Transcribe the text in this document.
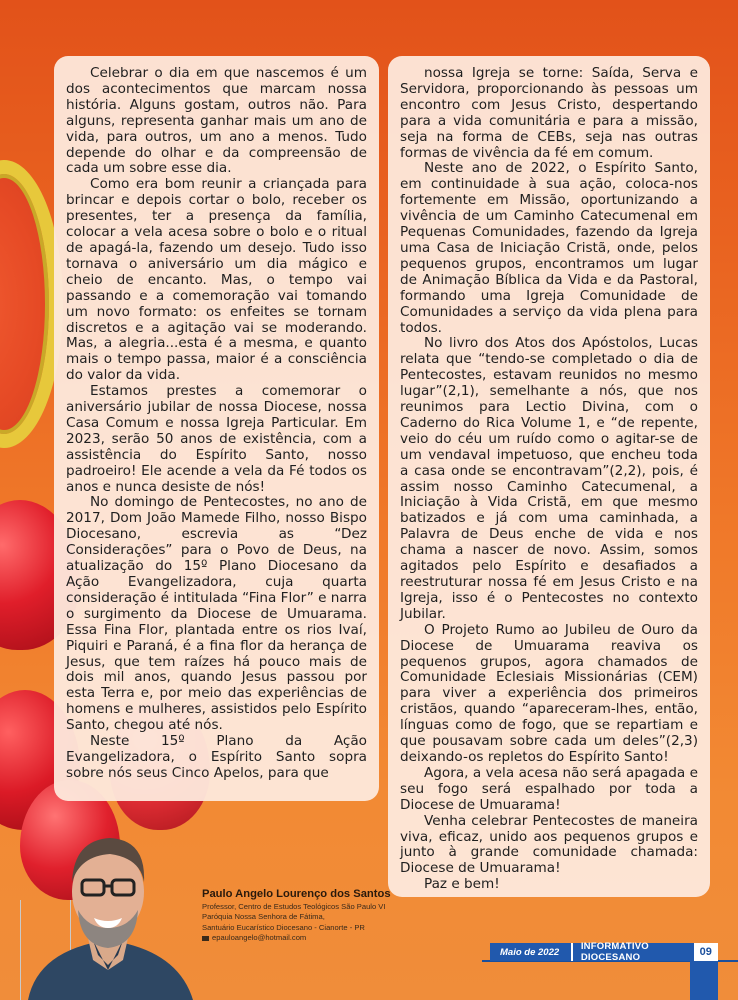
Celebrar o dia em que nascemos é um dos acontecimentos que marcam nossa história. Alguns gostam, outros não. Para alguns, representa ganhar mais um ano de vida, para outros, um ano a menos. Tudo depende do olhar e da compreensão de cada um sobre esse dia.

Como era bom reunir a criançada para brincar e depois cortar o bolo, receber os presentes, ter a presença da família, colocar a vela acesa sobre o bolo e o ritual de apagá-la, fazendo um desejo. Tudo isso tornava o aniversário um dia mágico e cheio de encanto. Mas, o tempo vai passando e a comemoração vai tomando um novo formato: os enfeites se tornam discretos e a agitação vai se moderando. Mas, a alegria...esta é a mesma, e quanto mais o tempo passa, maior é a consciência do valor da vida.

Estamos prestes a comemorar o aniversário jubilar de nossa Diocese, nossa Casa Comum e nossa Igreja Particular. Em 2023, serão 50 anos de existência, com a assistência do Espírito Santo, nosso padroeiro! Ele acende a vela da Fé todos os anos e nunca desiste de nós!

No domingo de Pentecostes, no ano de 2017, Dom João Mamede Filho, nosso Bispo Diocesano, escrevia as “Dez Considerações” para o Povo de Deus, na atualização do 15º Plano Diocesano da Ação Evangelizadora, cuja quarta consideração é intitulada “Fina Flor” e narra o surgimento da Diocese de Umuarama. Essa Fina Flor, plantada entre os rios Ivaí, Piquiri e Paraná, é a fina flor da herança de Jesus, que tem raízes há pouco mais de dois mil anos, quando Jesus passou por esta Terra e, por meio das experiências de homens e mulheres, assistidos pelo Espírito Santo, chegou até nós.

Neste 15º Plano da Ação Evangelizadora, o Espírito Santo sopra sobre nós seus Cinco Apelos, para que

nossa Igreja se torne: Saída, Serva e Servidora, proporcionando às pessoas um encontro com Jesus Cristo, despertando para a vida comunitária e para a missão, seja na forma de CEBs, seja nas outras formas de vivência da fé em comum.

Neste ano de 2022, o Espírito Santo, em continuidade à sua ação, coloca-nos fortemente em Missão, oportunizando a vivência de um Caminho Catecumenal em Pequenas Comunidades, fazendo da Igreja uma Casa de Iniciação Cristã, onde, pelos pequenos grupos, encontramos um lugar de Animação Bíblica da Vida e da Pastoral, formando uma Igreja Comunidade de Comunidades a serviço da vida plena para todos.

No livro dos Atos dos Apóstolos, Lucas relata que “tendo-se completado o dia de Pentecostes, estavam reunidos no mesmo lugar”(2,1), semelhante a nós, que nos reunimos para Lectio Divina, com o Caderno do Rica Volume 1, e “de repente, veio do céu um ruído como o agitar-se de um vendaval impetuoso, que encheu toda a casa onde se encontravam”(2,2), pois, é assim nosso Caminho Catecumenal, a Iniciação à Vida Cristã, em que mesmo batizados e já com uma caminhada, a Palavra de Deus enche de vida e nos chama a nascer de novo. Assim, somos agitados pelo Espírito e desafiados a reestruturar nossa fé em Jesus Cristo e na Igreja, isso é o Pentecostes no contexto Jubilar.

O Projeto Rumo ao Jubileu de Ouro da Diocese de Umuarama reaviva os pequenos grupos, agora chamados de Comunidade Eclesiais Missionárias (CEM) para viver a experiência dos primeiros cristãos, quando “apareceram-lhes, então, línguas como de fogo, que se repartiam e que pousavam sobre cada um deles”(2,3) deixando-os repletos do Espírito Santo!

Agora, a vela acesa não será apagada e seu fogo será espalhado por toda a Diocese de Umuarama!

Venha celebrar Pentecostes de maneira viva, eficaz, unido aos pequenos grupos e junto à grande comunidade chamada: Diocese de Umuarama!

Paz e bem!

Paulo Angelo Lourenço dos Santos
Professor, Centro de Estudos Teológicos São Paulo VI
Paróquia Nossa Senhora de Fátima,
Santuário Eucarístico Diocesano - Cianorte - PR
epauloangelo@hotmail.com
Maio de 2022	INFORMATIVO DIOCESANO	09
